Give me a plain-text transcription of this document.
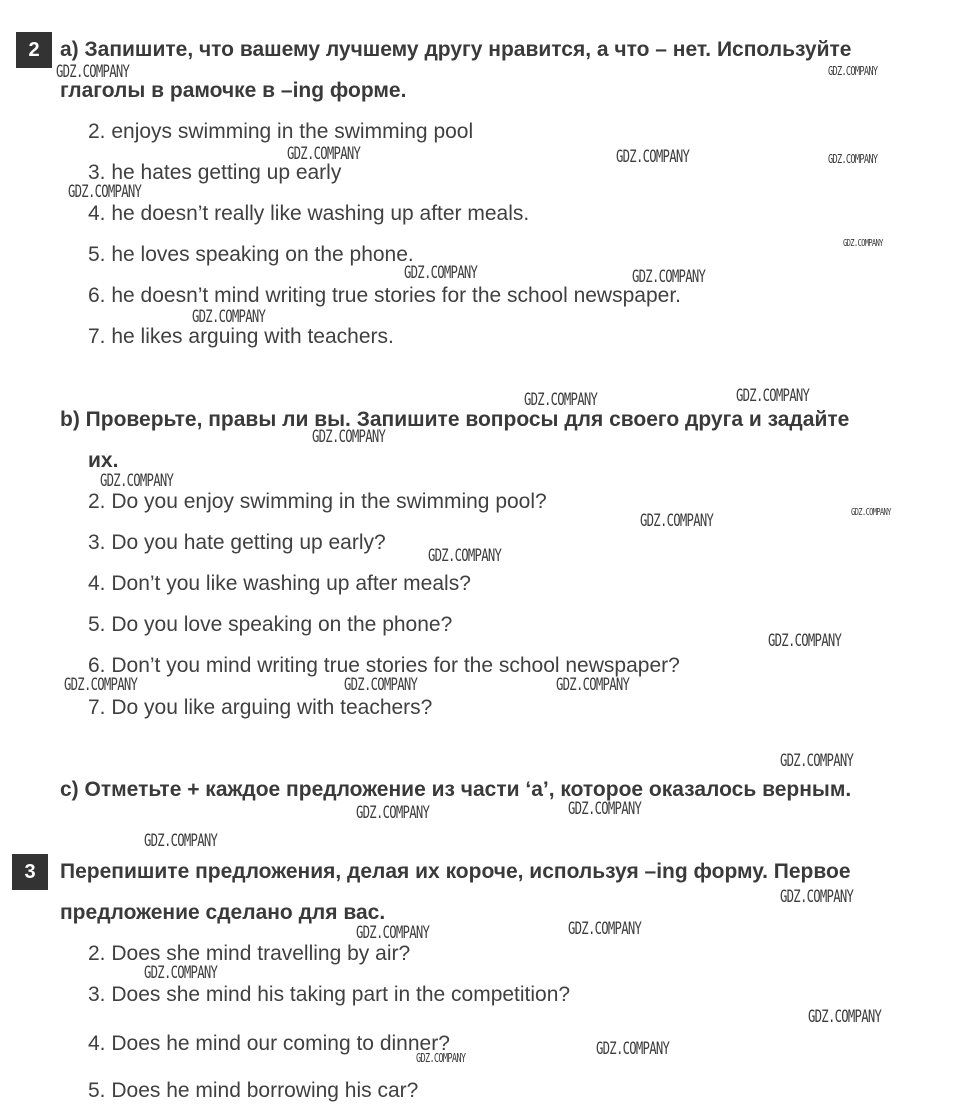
2 a) Запишите, что вашему лучшему другу нравится, а что – нет. Используйте
глаголы в рамочке в –ing форме.
2. enjoys swimming in the swimming pool
3. he hates getting up early
4. he doesn’t really like washing up after meals.
5. he loves speaking on the phone.
6. he doesn’t mind writing true stories for the school newspaper.
7. he likes arguing with teachers.
b) Проверьте, правы ли вы. Запишите вопросы для своего друга и задайте
их.
2. Do you enjoy swimming in the swimming pool?
3. Do you hate getting up early?
4. Don’t you like washing up after meals?
5. Do you love speaking on the phone?
6. Don’t you mind writing true stories for the school newspaper?
7. Do you like arguing with teachers?
c) Отметьте + каждое предложение из части ‘a’, которое оказалось верным.
3	Перепишите предложения, делая их короче, используя –ing форму. Первое
предложение сделано для вас.
2. Does she mind travelling by air?
3. Does she mind his taking part in the competition?
4. Does he mind our coming to dinner?
5. Does he mind borrowing his car?
GDZ.COMPANY	GDZ.COMPANY
GDZ.COMPANY	GDZ.COMPANY	GDZ.COMPANY
GDZ.COMPANY
GDZ.COMPANY
GDZ.COMPANY	GDZ.COMPANY
GDZ.COMPANY
GDZ.COMPANY
GDZ.COMPANY
GDZ.COMPANY
GDZ.COMPANY
GDZ.COMPANY
GDZ.COMPANY
GDZ.COMPANY
GDZ.COMPANY
GDZ.COMPANY	GDZ.COMPANY	GDZ.COMPANY
GDZ.COMPANY
GDZ.COMPANY
GDZ.COMPANY
GDZ.COMPANY
GDZ.COMPANY
GDZ.COMPANY
GDZ.COMPANY
GDZ.COMPANY
GDZ.COMPANY
GDZ.COMPANY
GDZ.COMPANY
